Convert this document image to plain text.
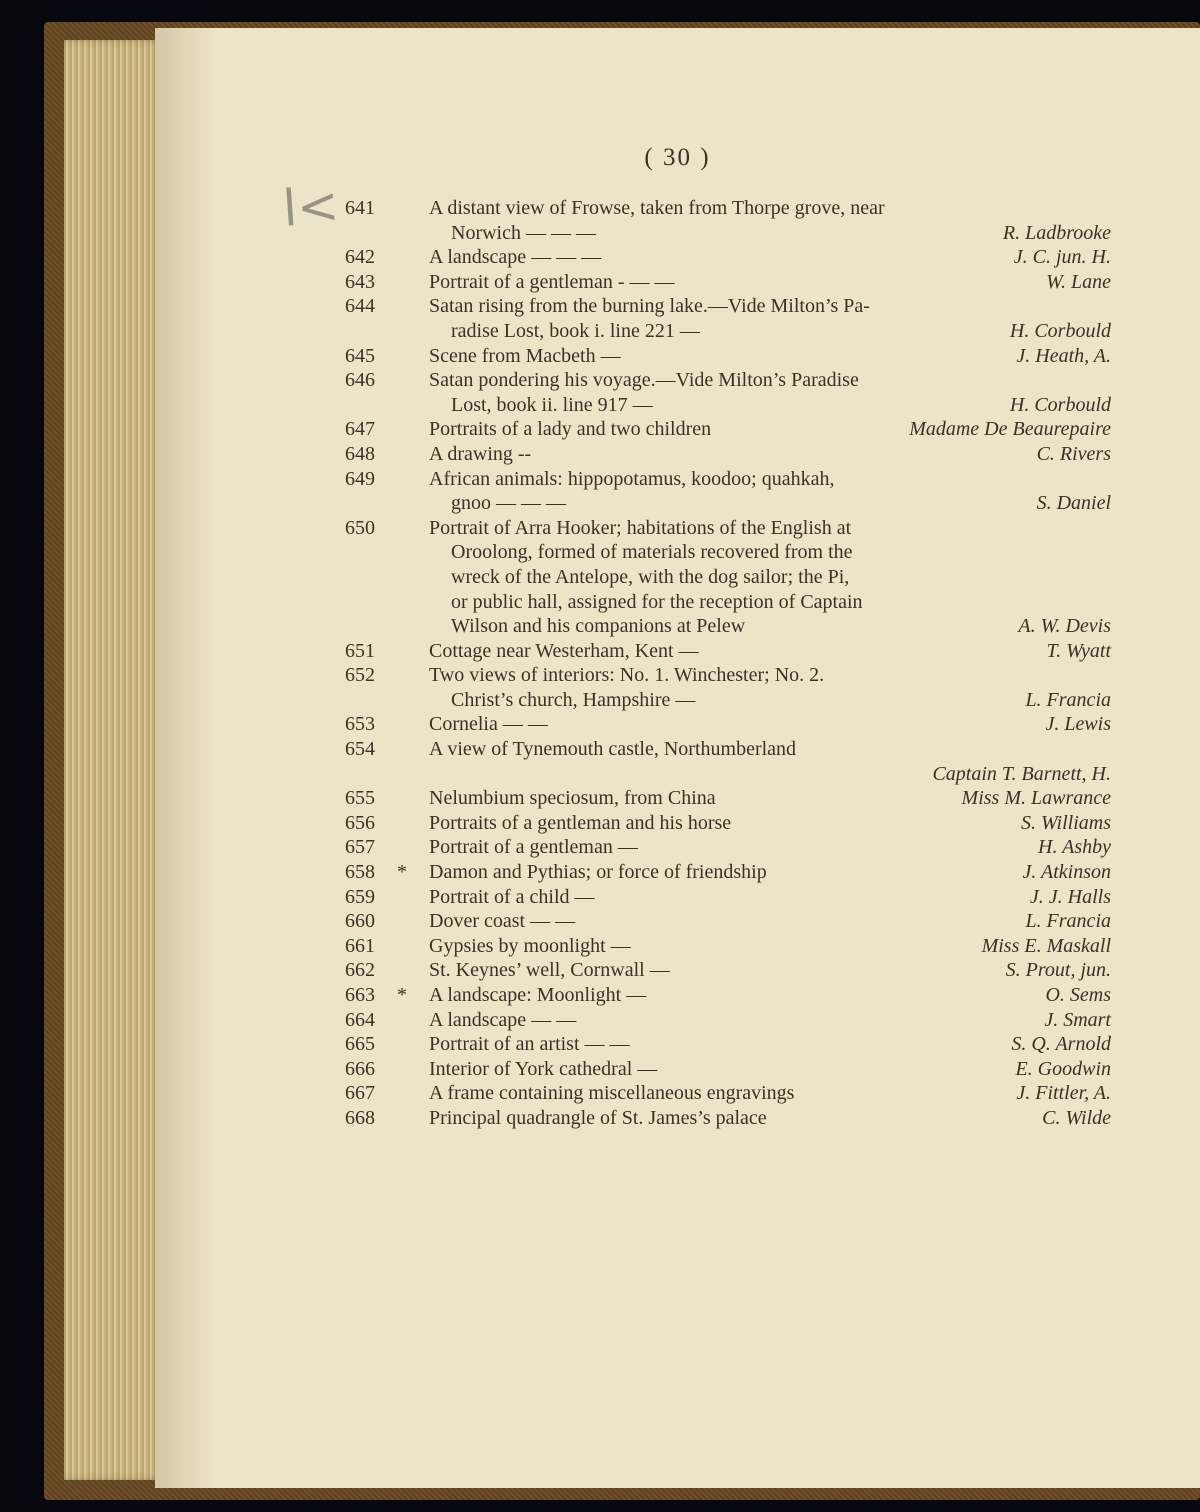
( 30 )
l< 641	A distant view of Frowse, taken from Thorpe grove, near
Norwich — — —	R. Ladbrooke
642	A landscape — — —	J. C. jun. H.
643	Portrait of a gentleman - — —	W. Lane
644	Satan rising from the burning lake.—Vide Milton’s Pa-
radise Lost, book i. line 221 —	H. Corbould
645	Scene from Macbeth —	J. Heath, A.
646	Satan pondering his voyage.—Vide Milton’s Paradise
Lost, book ii. line 917 —	H. Corbould
647	Portraits of a lady and two children	Madame De Beaurepaire
648	A drawing --	C. Rivers
649	African animals: hippopotamus, koodoo; quahkah,
gnoo — — —	S. Daniel
650	Portrait of Arra Hooker; habitations of the English at
Oroolong, formed of materials recovered from the
wreck of the Antelope, with the dog sailor; the Pi,
or public hall, assigned for the reception of Captain
Wilson and his companions at Pelew	A. W. Devis
651	Cottage near Westerham, Kent —	T. Wyatt
652	Two views of interiors: No. 1. Winchester; No. 2.
Christ’s church, Hampshire —	L. Francia
653	Cornelia — —	J. Lewis
654	A view of Tynemouth castle, Northumberland

Captain T. Barnett, H.
655	Nelumbium speciosum, from China	Miss M. Lawrance
656	Portraits of a gentleman and his horse	S. Williams
657	Portrait of a gentleman —	H. Ashby
658 * Damon and Pythias; or force of friendship	J. Atkinson
659	Portrait of a child —	J. J. Halls
660	Dover coast — —	L. Francia
661	Gypsies by moonlight —	Miss E. Maskall
662	St. Keynes’ well, Cornwall —	S. Prout, jun.
663 * A landscape: Moonlight —	O. Sems
664	A landscape — —	J. Smart
665	Portrait of an artist — —	S. Q. Arnold
666	Interior of York cathedral —	E. Goodwin
667	A frame containing miscellaneous engravings	J. Fittler, A.
668	Principal quadrangle of St. James’s palace	C. Wilde
